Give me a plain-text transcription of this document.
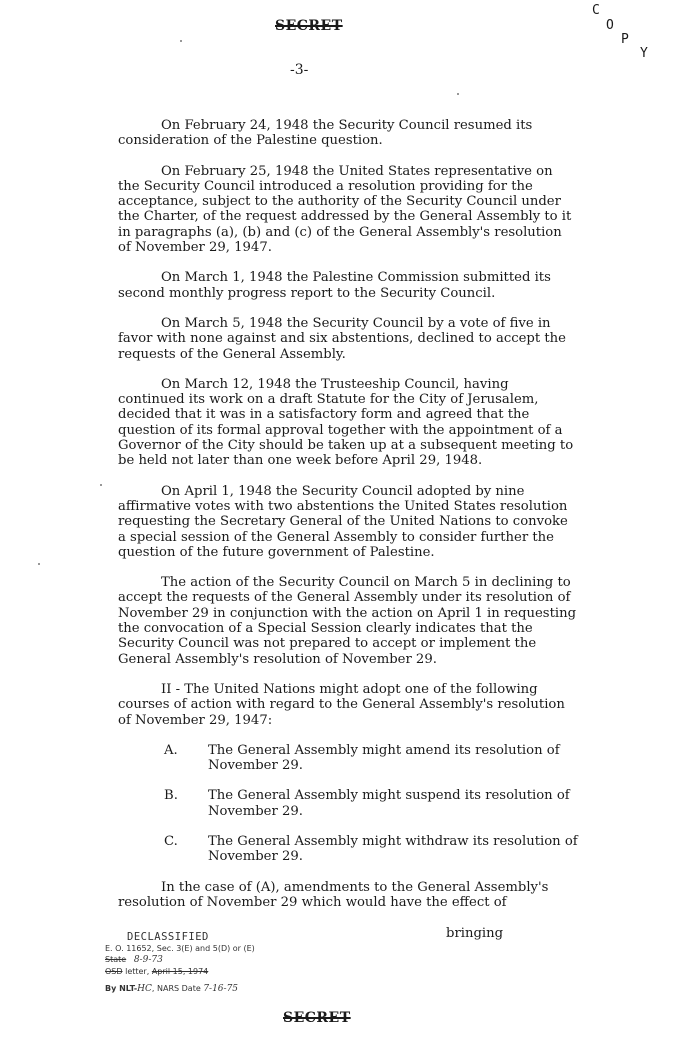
SECRET
C
O
P
Y
-3-

On February 24, 1948 the Security Council resumed its consideration of the Palestine question.

On February 25, 1948 the United States representative on the Security Council introduced a resolution providing for the acceptance, subject to the authority of the Security Council under the Charter, of the request addressed by the General Assembly to it in paragraphs (a), (b) and (c) of the General Assembly's resolution of November 29, 1947.

On March 1, 1948 the Palestine Commission submitted its second monthly progress report to the Security Council.

On March 5, 1948 the Security Council by a vote of five in favor with none against and six abstentions, declined to accept the requests of the General Assembly.

On March 12, 1948 the Trusteeship Council, having continued its work on a draft Statute for the City of Jerusalem, decided that it was in a satisfactory form and agreed that the question of its formal approval together with the appointment of a Governor of the City should be taken up at a subsequent meeting to be held not later than one week before April 29, 1948.

On April 1, 1948 the Security Council adopted by nine affirmative votes with two abstentions the United States resolution requesting the Secretary General of the United Nations to convoke a special session of the General Assembly to consider further the question of the future government of Palestine.

The action of the Security Council on March 5 in declining to accept the requests of the General Assembly under its resolution of November 29 in conjunction with the action on April 1 in requesting the convocation of a Special Session clearly indicates that the Security Council was not prepared to accept or implement the General Assembly's resolution of November 29.

II - The United Nations might adopt one of the following courses of action with regard to the General Assembly's resolution of November 29, 1947:

A.	The General Assembly might amend its resolution of November 29.
B.	The General Assembly might suspend its resolution of November 29.
C.	The General Assembly might withdraw its resolution of November 29.

In the case of (A), amendments to the General Assembly's resolution of November 29 which would have the effect of

bringing
DECLASSIFIED
E. O. 11652, Sec. 3(E) and 5(D) or (E)
State 8-9-73
OSD letter, April 15, 1974
By NLT-HC, NARS Date 7-16-75
SECRET
